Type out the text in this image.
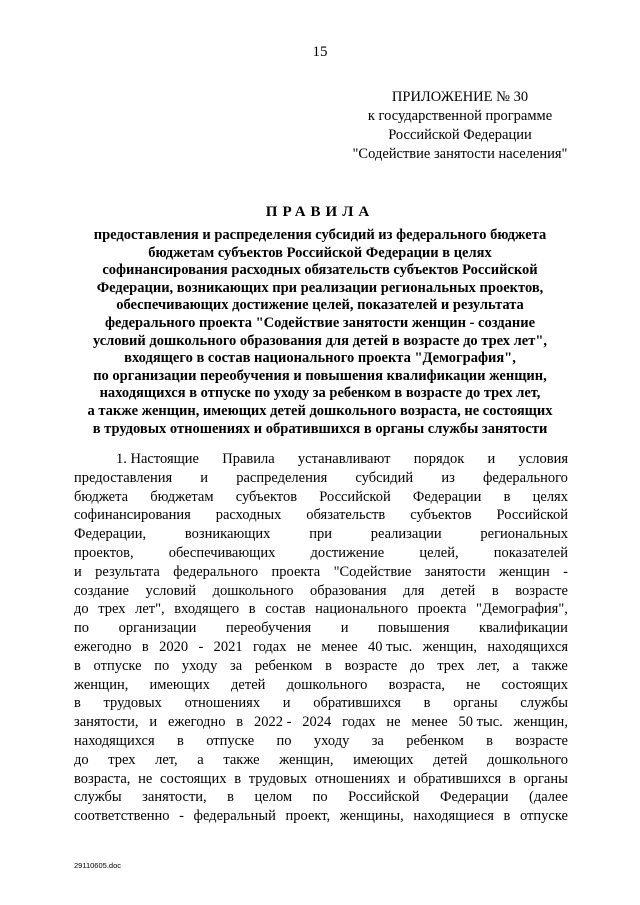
15
ПРИЛОЖЕНИЕ № 30
к государственной программе
Российской Федерации
"Содействие занятости населения"
ПРАВИЛА
предоставления и распределения субсидий из федерального бюджета
бюджетам субъектов Российской Федерации в целях
софинансирования расходных обязательств субъектов Российской
Федерации, возникающих при реализации региональных проектов,
обеспечивающих достижение целей, показателей и результата
федерального проекта "Содействие занятости женщин - создание
условий дошкольного образования для детей в возрасте до трех лет",
входящего в состав национального проекта "Демография",
по организации переобучения и повышения квалификации женщин,
находящихся в отпуске по уходу за ребенком в возрасте до трех лет,
а также женщин, имеющих детей дошкольного возраста, не состоящих
в трудовых отношениях и обратившихся в органы службы занятости
1. Настоящие Правила устанавливают порядок и условия
предоставления и распределения субсидий из федерального
бюджета бюджетам субъектов Российской Федерации в целях
софинансирования расходных обязательств субъектов Российской
Федерации,	возникающих	при	реализации	региональных
проектов, обеспечивающих достижение целей, показателей
и результата федерального проекта "Содействие занятости женщин -
создание условий дошкольного образования для детей в возрасте
до трех лет", входящего в состав национального проекта "Демография",
по организации переобучения и повышения квалификации
ежегодно в 2020 - 2021 годах не менее 40 тыс. женщин, находящихся
в отпуске по уходу за ребенком в возрасте до трех лет, а также
женщин, имеющих детей дошкольного возраста, не состоящих
в трудовых отношениях и обратившихся в органы службы
занятости, и ежегодно в 2022 - 2024 годах не менее 50 тыс. женщин,
находящихся в отпуске по уходу за ребенком в возрасте
до трех лет, а также женщин, имеющих детей дошкольного
возраста, не состоящих в трудовых отношениях и обратившихся в органы
службы занятости, в целом по Российской Федерации (далее
соответственно - федеральный проект, женщины, находящиеся в отпуске
29110605.doc
